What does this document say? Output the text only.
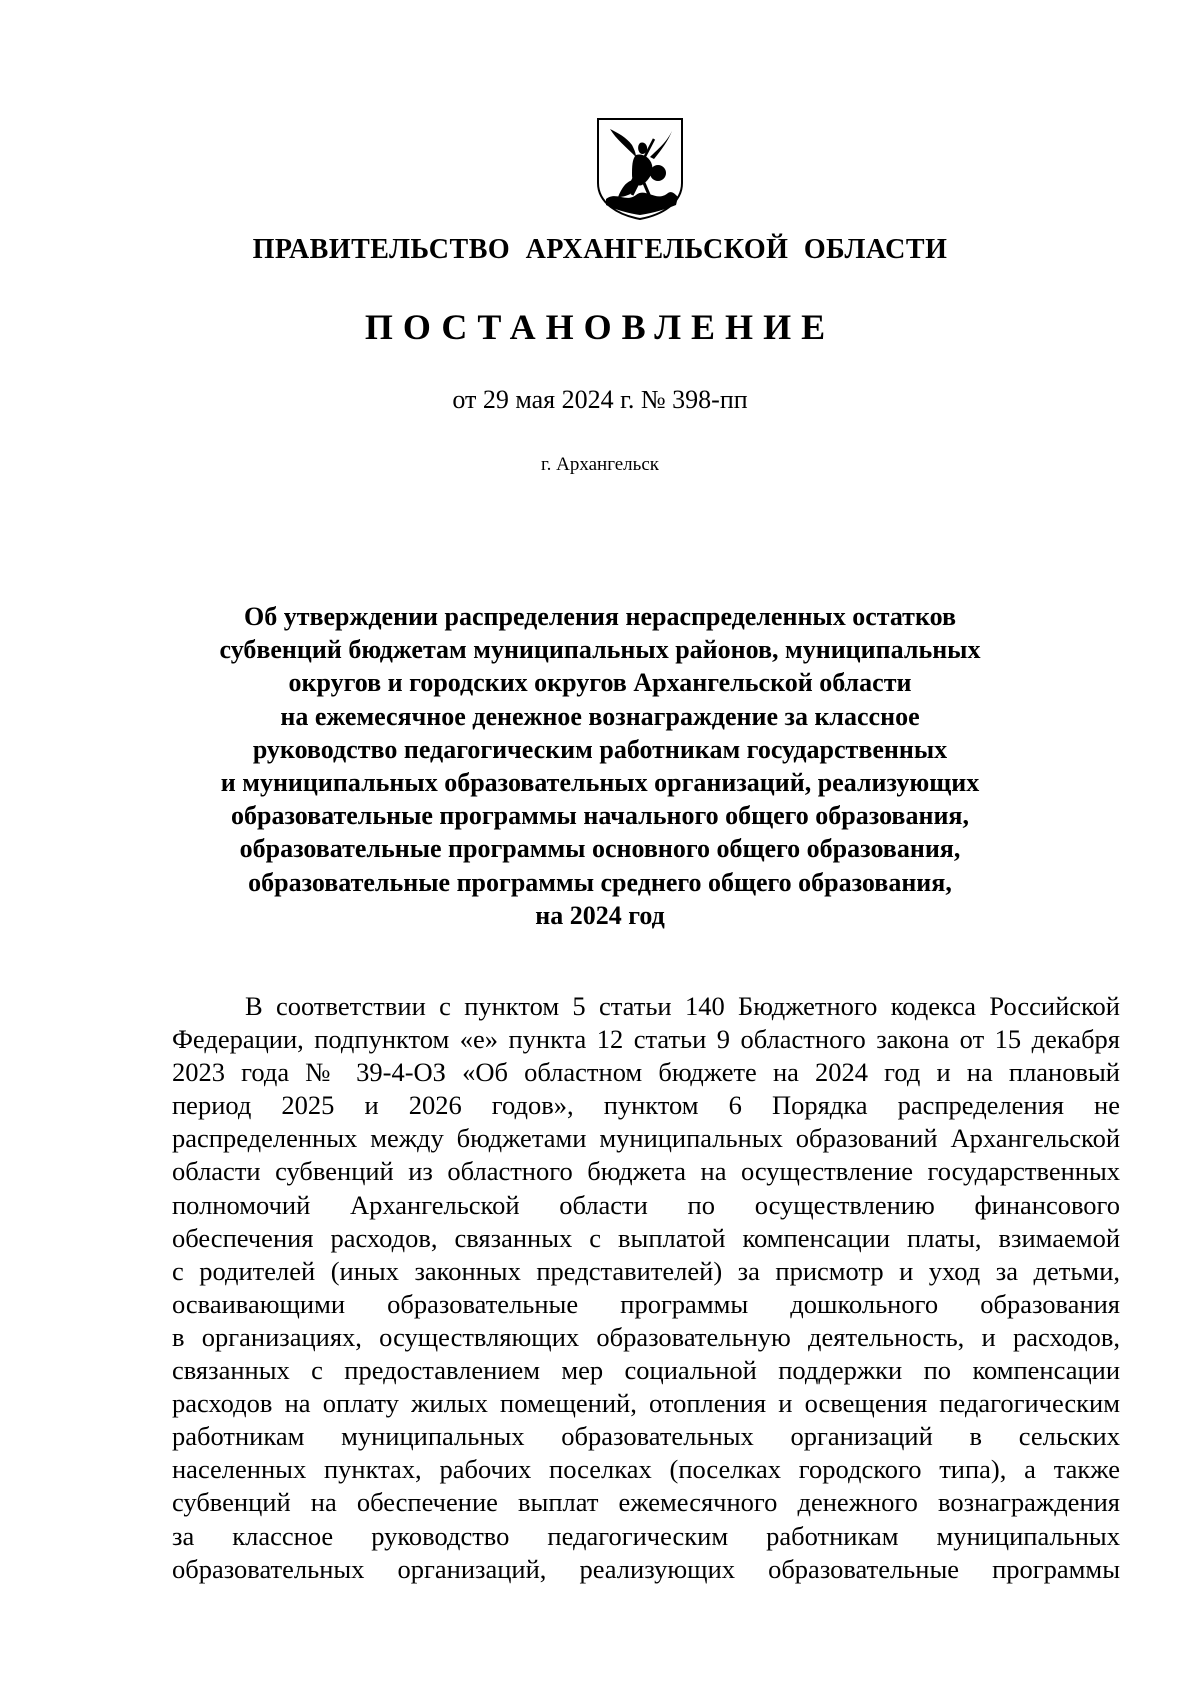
ПРАВИТЕЛЬСТВО АРХАНГЕЛЬСКОЙ ОБЛАСТИ
ПОСТАНОВЛЕНИЕ

от 29 мая 2024 г. № 398-пп

г. Архангельск

Об утверждении распределения нераспределенных остатков
субвенций бюджетам муниципальных районов, муниципальных
округов и городских округов Архангельской области
на ежемесячное денежное вознаграждение за классное
руководство педагогическим работникам государственных
и муниципальных образовательных организаций, реализующих
образовательные программы начального общего образования,
образовательные программы основного общего образования,
образовательные программы среднего общего образования,
на 2024 год

В соответствии с пунктом 5 статьи 140 Бюджетного кодекса Российской
Федерации, подпунктом «е» пункта 12 статьи 9 областного закона от 15 декабря
2023 года № 39-4-ОЗ «Об областном бюджете на 2024 год и на плановый
период 2025 и 2026 годов», пунктом 6 Порядка распределения не
распределенных между бюджетами муниципальных образований Архангельской
области субвенций из областного бюджета на осуществление государственных
полномочий Архангельской области по осуществлению финансового
обеспечения расходов, связанных с выплатой компенсации платы, взимаемой
с родителей (иных законных представителей) за присмотр и уход за детьми,
осваивающими образовательные программы дошкольного образования
в организациях, осуществляющих образовательную деятельность, и расходов,
связанных с предоставлением мер социальной поддержки по компенсации
расходов на оплату жилых помещений, отопления и освещения педагогическим
работникам муниципальных образовательных организаций в сельских
населенных пунктах, рабочих поселках (поселках городского типа), а также
субвенций на обеспечение выплат ежемесячного денежного вознаграждения
за классное руководство педагогическим работникам муниципальных
образовательных организаций, реализующих образовательные программы
